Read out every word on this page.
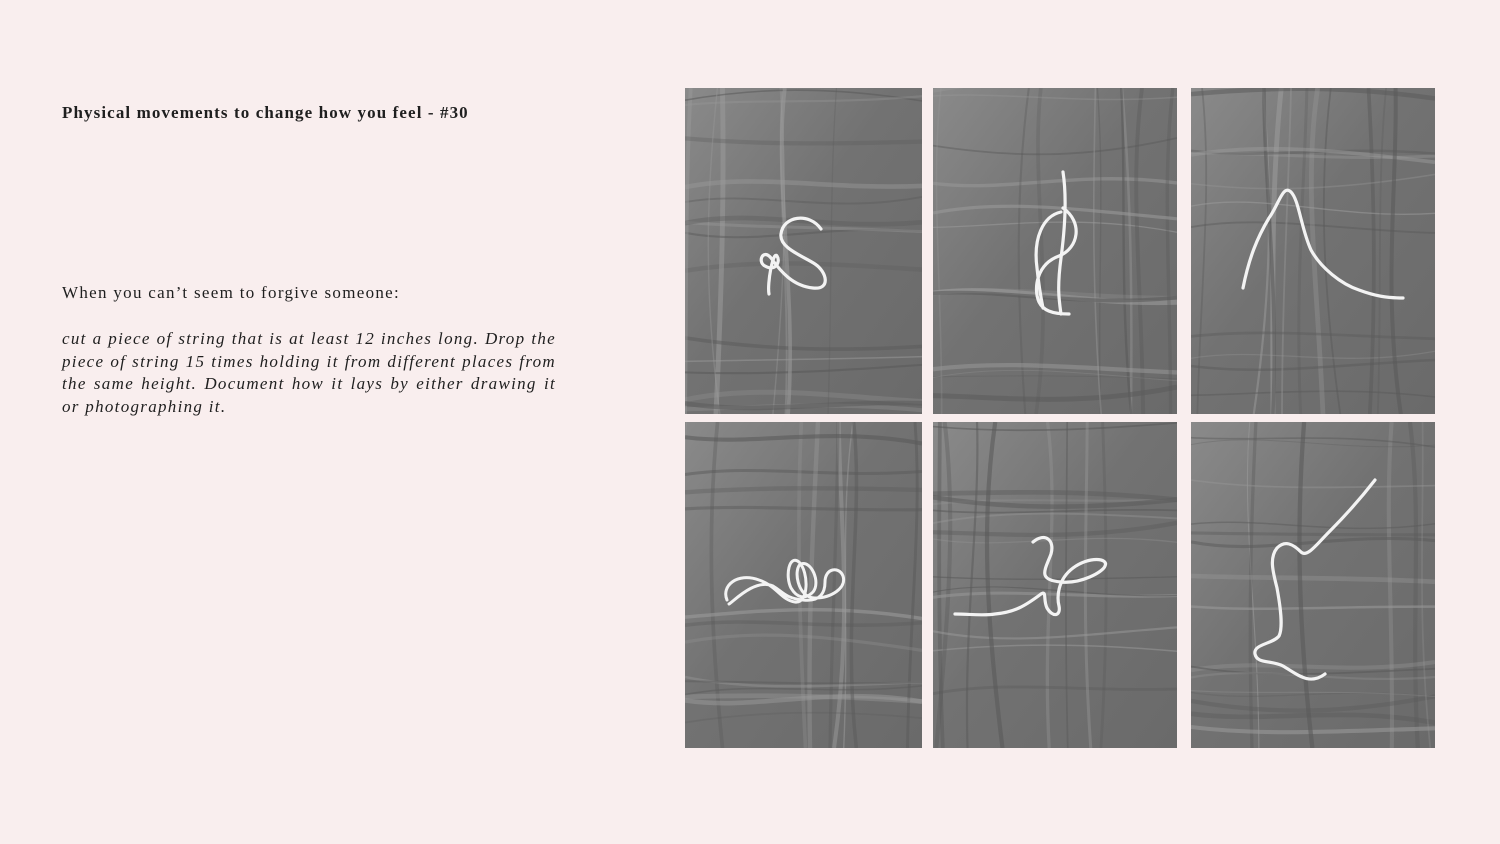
Physical movements to change how you feel - #30

When you can’t seem to forgive someone:

cut a piece of string that is at least 12 inches long. Drop the piece of string 15 times holding it from different places from the same height. Document how it lays by either drawing it or photographing it.
